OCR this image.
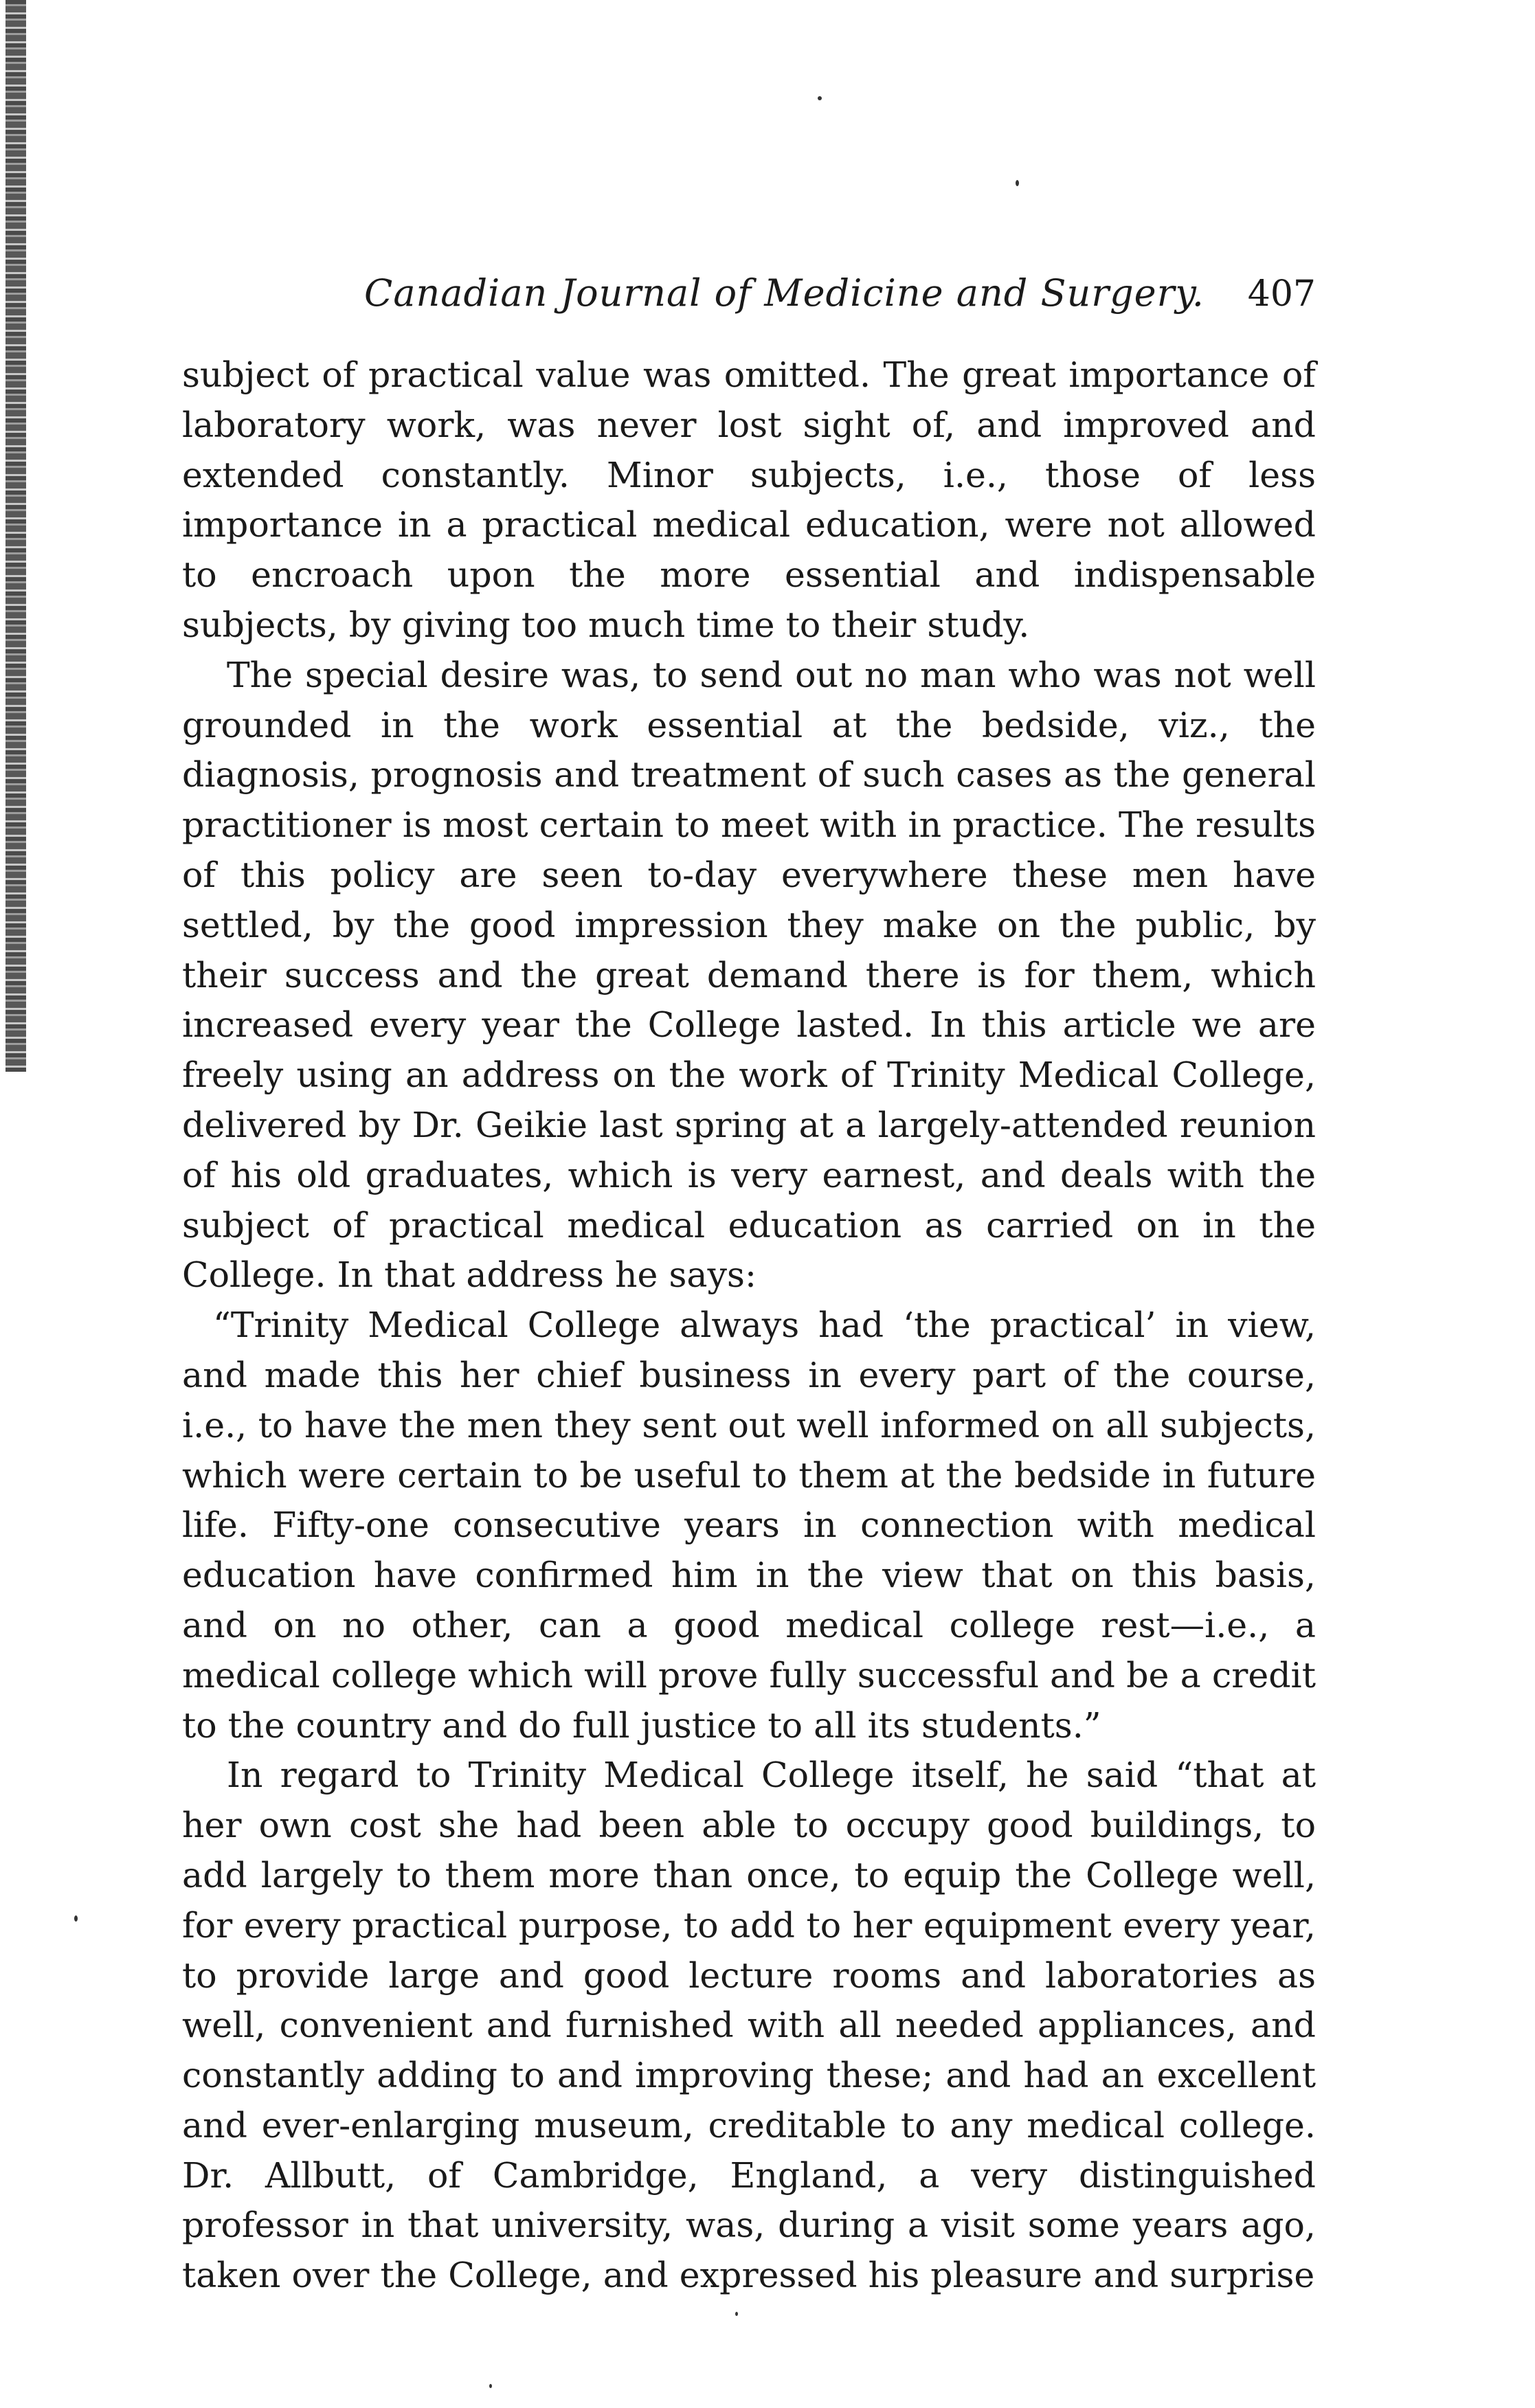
Canadian Journal of Medicine and Surgery. 407

subject of practical value was omitted. The great importance of laboratory work, was never lost sight of, and improved and extended constantly. Minor subjects, i.e., those of less importance in a practical medical education, were not allowed to encroach upon the more essential and indispensable subjects, by giving too much time to their study.

The special desire was, to send out no man who was not well grounded in the work essential at the bedside, viz., the diagnosis, prognosis and treatment of such cases as the general practitioner is most certain to meet with in practice. The results of this policy are seen to-day everywhere these men have settled, by the good impression they make on the public, by their success and the great demand there is for them, which increased every year the College lasted. In this article we are freely using an address on the work of Trinity Medical College, delivered by Dr. Geikie last spring at a largely-attended reunion of his old graduates, which is very earnest, and deals with the subject of practical medical education as carried on in the College. In that address he says:

“Trinity Medical College always had ‘the practical’ in view, and made this her chief business in every part of the course, i.e., to have the men they sent out well informed on all subjects, which were certain to be useful to them at the bedside in future life. Fifty-one consecutive years in connection with medical education have confirmed him in the view that on this basis, and on no other, can a good medical college rest—i.e., a medical college which will prove fully successful and be a credit to the country and do full justice to all its students.”

In regard to Trinity Medical College itself, he said “that at her own cost she had been able to occupy good buildings, to add largely to them more than once, to equip the College well, for every practical purpose, to add to her equipment every year, to provide large and good lecture rooms and laboratories as well, convenient and furnished with all needed appliances, and constantly adding to and improving these; and had an excellent and ever-enlarging museum, creditable to any medical college. Dr. Allbutt, of Cambridge, England, a very distinguished professor in that university, was, during a visit some years ago, taken over the College, and expressed his pleasure and surprise
